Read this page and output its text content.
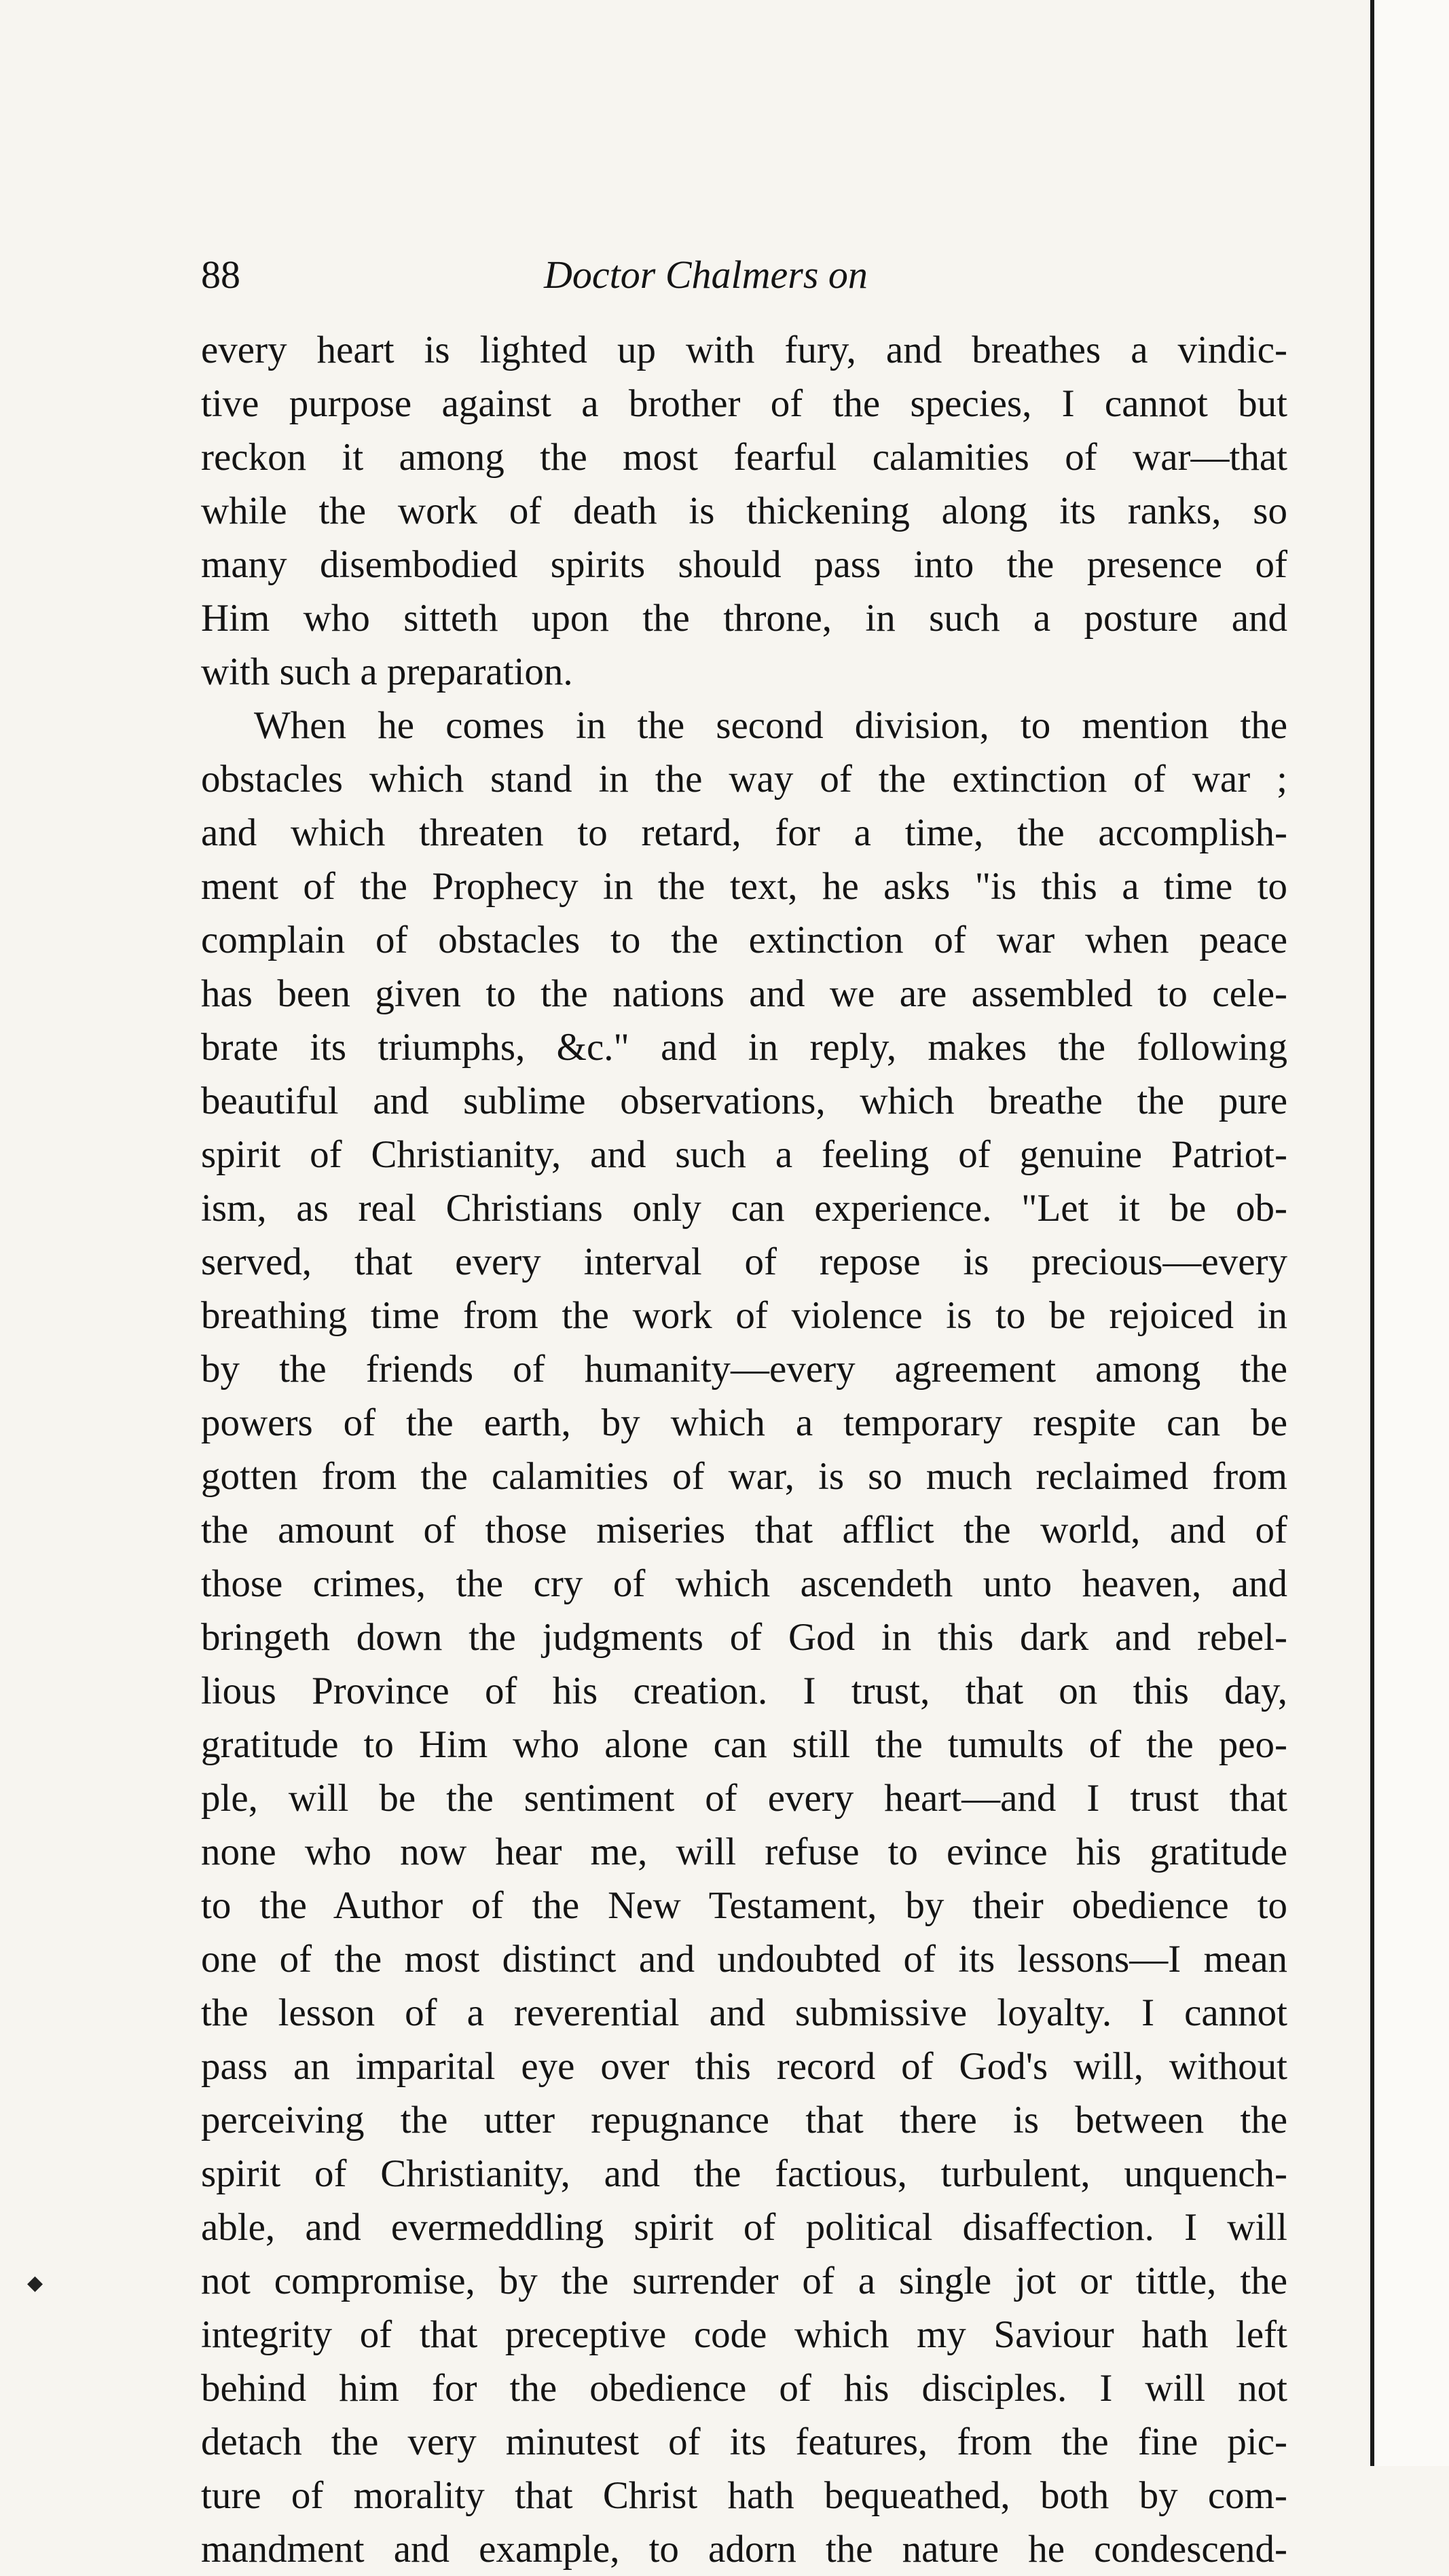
88	Doctor Chalmers on
every heart is lighted up with fury, and breathes a vindic-
tive purpose against a brother of the species, I cannot but
reckon it among the most fearful calamities of war—that
while the work of death is thickening along its ranks, so
many disembodied spirits should pass into the presence of
Him who sitteth upon the throne, in such a posture and
with such a preparation.
When he comes in the second division, to mention the
obstacles which stand in the way of the extinction of war ;
and which threaten to retard, for a time, the accomplish-
ment of the Prophecy in the text, he asks "is this a time to
complain of obstacles to the extinction of war when peace
has been given to the nations and we are assembled to cele-
brate its triumphs, &c." and in reply, makes the following
beautiful and sublime observations, which breathe the pure
spirit of Christianity, and such a feeling of genuine Patriot-
ism, as real Christians only can experience. "Let it be ob-
served, that every interval of repose is precious—every
breathing time from the work of violence is to be rejoiced in
by the friends of humanity—every agreement among the
powers of the earth, by which a temporary respite can be
gotten from the calamities of war, is so much reclaimed from
the amount of those miseries that afflict the world, and of
those crimes, the cry of which ascendeth unto heaven, and
bringeth down the judgments of God in this dark and rebel-
lious Province of his creation. I trust, that on this day,
gratitude to Him who alone can still the tumults of the peo-
ple, will be the sentiment of every heart—and I trust that
none who now hear me, will refuse to evince his gratitude
to the Author of the New Testament, by their obedience to
one of the most distinct and undoubted of its lessons—I mean
the lesson of a reverential and submissive loyalty. I cannot
pass an imparital eye over this record of God's will, without
perceiving the utter repugnance that there is between the
spirit of Christianity, and the factious, turbulent, unquench-
able, and evermeddling spirit of political disaffection. I will
not compromise, by the surrender of a single jot or tittle, the
integrity of that preceptive code which my Saviour hath left
behind him for the obedience of his disciples. I will not
detach the very minutest of its features, from the fine pic-
ture of morality that Christ hath bequeathed, both by com-
mandment and example, to adorn the nature he condescend-
◆
